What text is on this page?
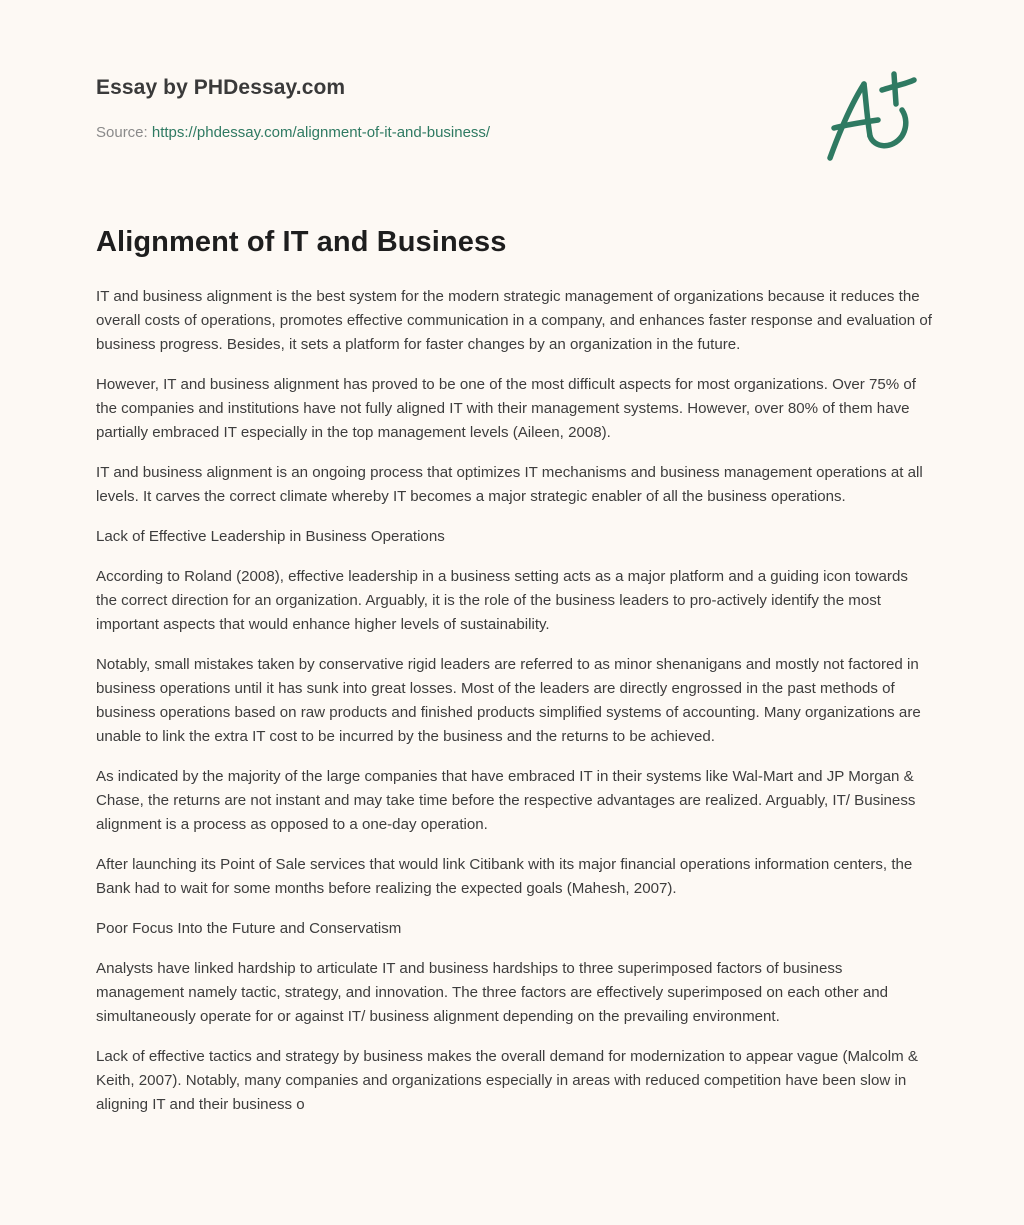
Essay by PHDessay.com
Source: https://phdessay.com/alignment-of-it-and-business/
Alignment of IT and Business

IT and business alignment is the best system for the modern strategic management of organizations because it reduces the overall costs of operations, promotes effective communication in a company, and enhances faster response and evaluation of business progress. Besides, it sets a platform for faster changes by an organization in the future.

However, IT and business alignment has proved to be one of the most difficult aspects for most organizations. Over 75% of the companies and institutions have not fully aligned IT with their management systems. However, over 80% of them have partially embraced IT especially in the top management levels (Aileen, 2008).

IT and business alignment is an ongoing process that optimizes IT mechanisms and business management operations at all levels. It carves the correct climate whereby IT becomes a major strategic enabler of all the business operations.

Lack of Effective Leadership in Business Operations

According to Roland (2008), effective leadership in a business setting acts as a major platform and a guiding icon towards the correct direction for an organization. Arguably, it is the role of the business leaders to pro-actively identify the most important aspects that would enhance higher levels of sustainability.

Notably, small mistakes taken by conservative rigid leaders are referred to as minor shenanigans and mostly not factored in business operations until it has sunk into great losses. Most of the leaders are directly engrossed in the past methods of business operations based on raw products and finished products simplified systems of accounting. Many organizations are unable to link the extra IT cost to be incurred by the business and the returns to be achieved.

As indicated by the majority of the large companies that have embraced IT in their systems like Wal-Mart and JP Morgan & Chase, the returns are not instant and may take time before the respective advantages are realized. Arguably, IT/ Business alignment is a process as opposed to a one-day operation.

After launching its Point of Sale services that would link Citibank with its major financial operations information centers, the Bank had to wait for some months before realizing the expected goals (Mahesh, 2007).

Poor Focus Into the Future and Conservatism

Analysts have linked hardship to articulate IT and business hardships to three superimposed factors of business management namely tactic, strategy, and innovation. The three factors are effectively superimposed on each other and simultaneously operate for or against IT/ business alignment depending on the prevailing environment.

Lack of effective tactics and strategy by business makes the overall demand for modernization to appear vague (Malcolm & Keith, 2007). Notably, many companies and organizations especially in areas with reduced competition have been slow in aligning IT and their business o
